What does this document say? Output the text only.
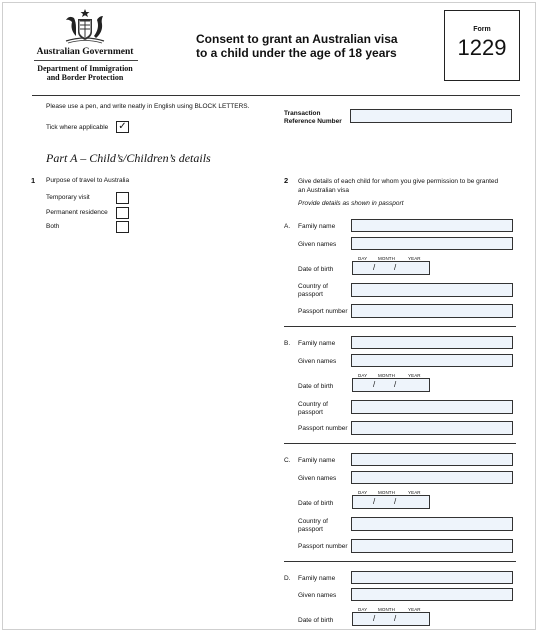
Australian Government
Department of Immigration
and Border Protection
Consent to grant an Australian visa
to a child under the age of 18 years
Form
1229
Please use a pen, and write neatly in English using BLOCK LETTERS.
Tick where applicable ✓
Transaction
Reference Number
Part A – Child’s/Children’s details
1 Purpose of travel to Australia
Temporary visit
Permanent residence
Both
2 Give details of each child for whom you give permission to be granted
an Australian visa
Provide details as shown in passport
A. Family name
Given names
DAY MONTH	YEAR
Date of birth	/ /
Country of
passport
Passport number
B. Family name
Given names
DAY MONTH	YEAR
Date of birth	/ /
Country of
passport
Passport number
C. Family name
Given names
DAY MONTH	YEAR
Date of birth	/ /
Country of
passport
Passport number
D. Family name
Given names
DAY MONTH	YEAR
Date of birth	/ /
